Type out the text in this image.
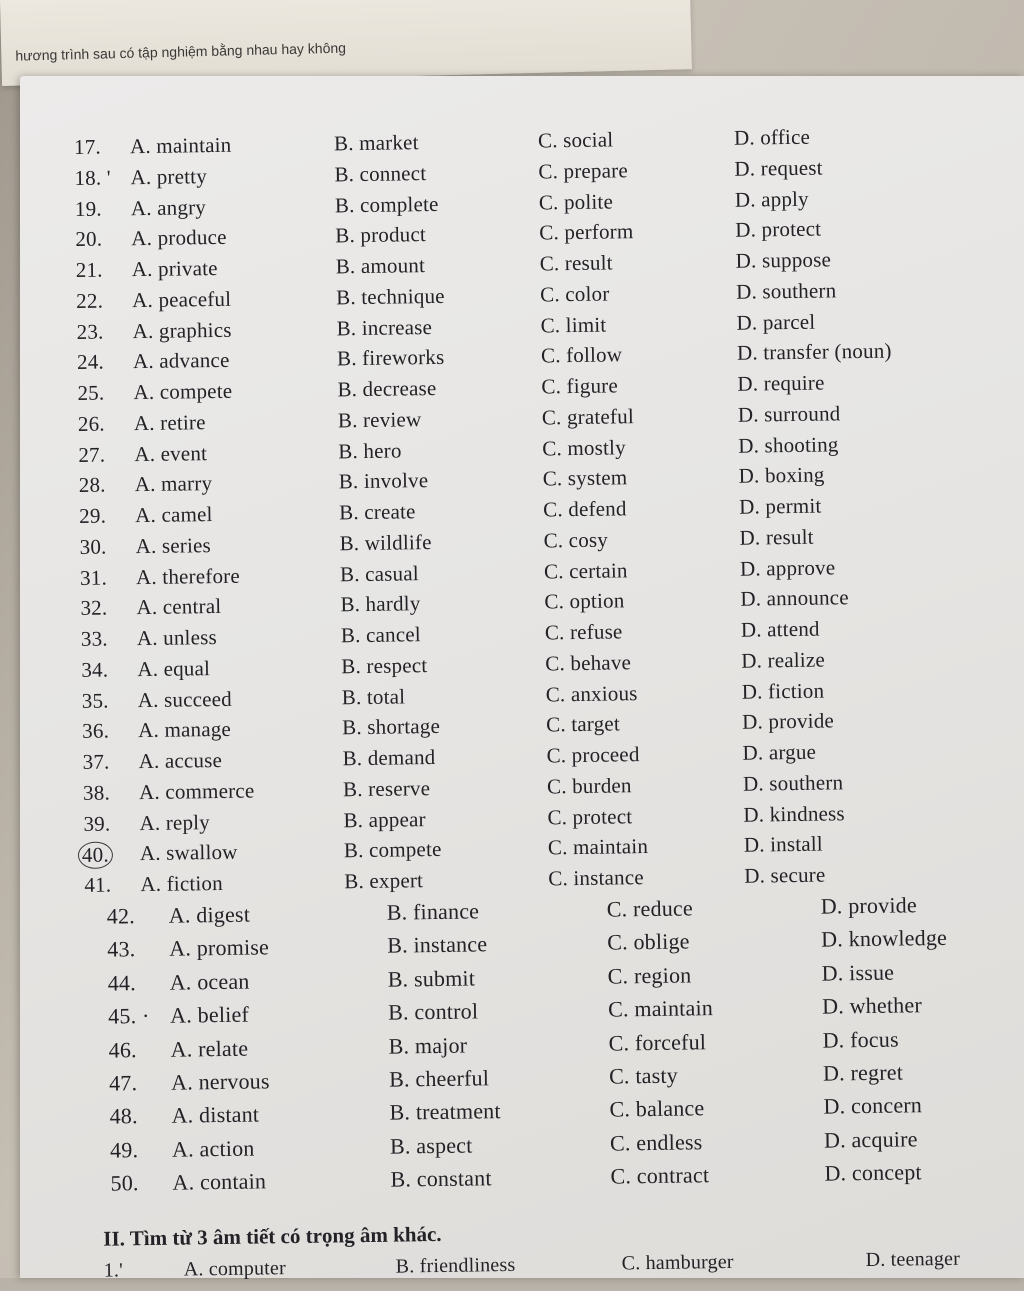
hương trình sau có tập nghiệm bằng nhau hay không
17. A. maintain	B. market	C. social	D. office
18. ' A. pretty	B. connect	C. prepare	D. request
19. A. angry	B. complete	C. polite	D. apply
20. A. produce	B. product	C. perform	D. protect
21. A. private	B. amount	C. result	D. suppose
22. A. peaceful	B. technique	C. color	D. southern
23. A. graphics	B. increase	C. limit	D. parcel
24. A. advance	B. fireworks	C. follow	D. transfer (noun)
25. A. compete	B. decrease	C. figure	D. require
26. A. retire	B. review	C. grateful	D. surround
27. A. event	B. hero	C. mostly	D. shooting
28. A. marry	B. involve	C. system	D. boxing
29. A. camel	B. create	C. defend	D. permit
30. A. series	B. wildlife	C. cosy	D. result
31. A. therefore	B. casual	C. certain	D. approve
32. A. central	B. hardly	C. option	D. announce
33. A. unless	B. cancel	C. refuse	D. attend
34. A. equal	B. respect	C. behave	D. realize
35. A. succeed	B. total	C. anxious	D. fiction
36. A. manage	B. shortage	C. target	D. provide
37. A. accuse	B. demand	C. proceed	D. argue
38. A. commerce	B. reserve	C. burden	D. southern
39. A. reply	B. appear	C. protect	D. kindness
40. A. swallow	B. compete	C. maintain	D. install
41. A. fiction	B. expert	C. instance	D. secure
42. A. digest	B. finance	C. reduce	D. provide
43. A. promise	B. instance	C. oblige	D. knowledge
44. A. ocean	B. submit	C. region	D. issue
45. · A. belief	B. control	C. maintain	D. whether
46. A. relate	B. major	C. forceful	D. focus
47. A. nervous	B. cheerful	C. tasty	D. regret
48. A. distant	B. treatment	C. balance	D. concern
49. A. action	B. aspect	C. endless	D. acquire
50. A. contain	B. constant	C. contract	D. concept
II. Tìm từ 3 âm tiết có trọng âm khác.
1.'	A. computer	B. friendliness	C. hamburger	D. teenager
